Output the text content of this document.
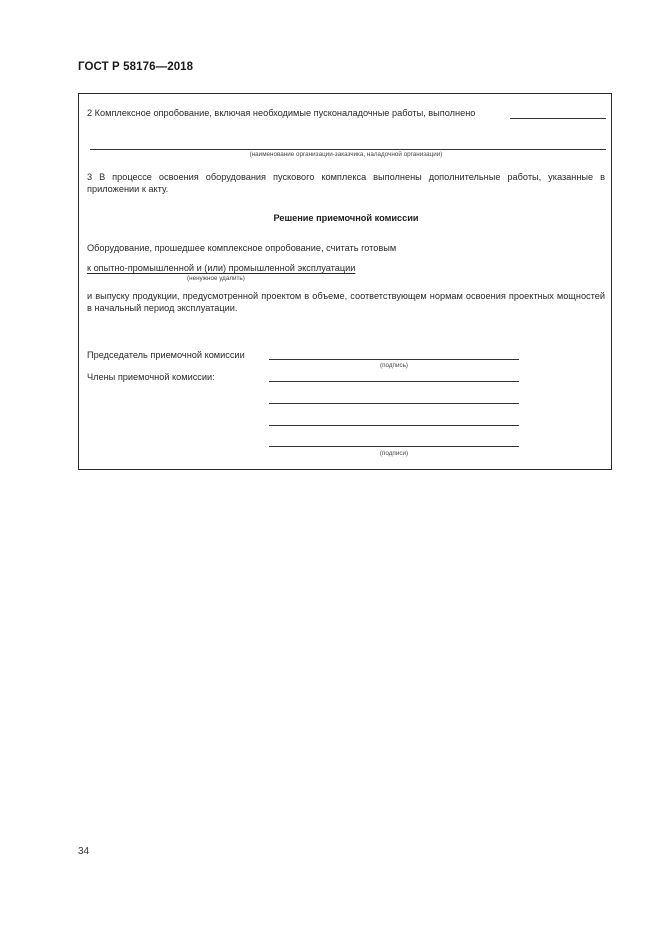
ГОСТ Р 58176—2018
2 Комплексное опробование, включая необходимые пусконаладочные работы, выполнено
(наименование организации-заказчика, наладочной организации)
3 В процессе освоения оборудования пускового комплекса выполнены дополнительные работы, указанные в приложении к акту.
Решение приемочной комиссии
Оборудование, прошедшее комплексное опробование, считать готовым
к опытно-промышленной и (или) промышленной эксплуатации
(ненужное удалить)
и выпуску продукции, предусмотренной проектом в объеме, соответствующем нормам освоения проектных мощностей в начальный период эксплуатации.
Председатель приемочной комиссии
(подпись)
Члены приемочной комиссии:
(подписи)
34
